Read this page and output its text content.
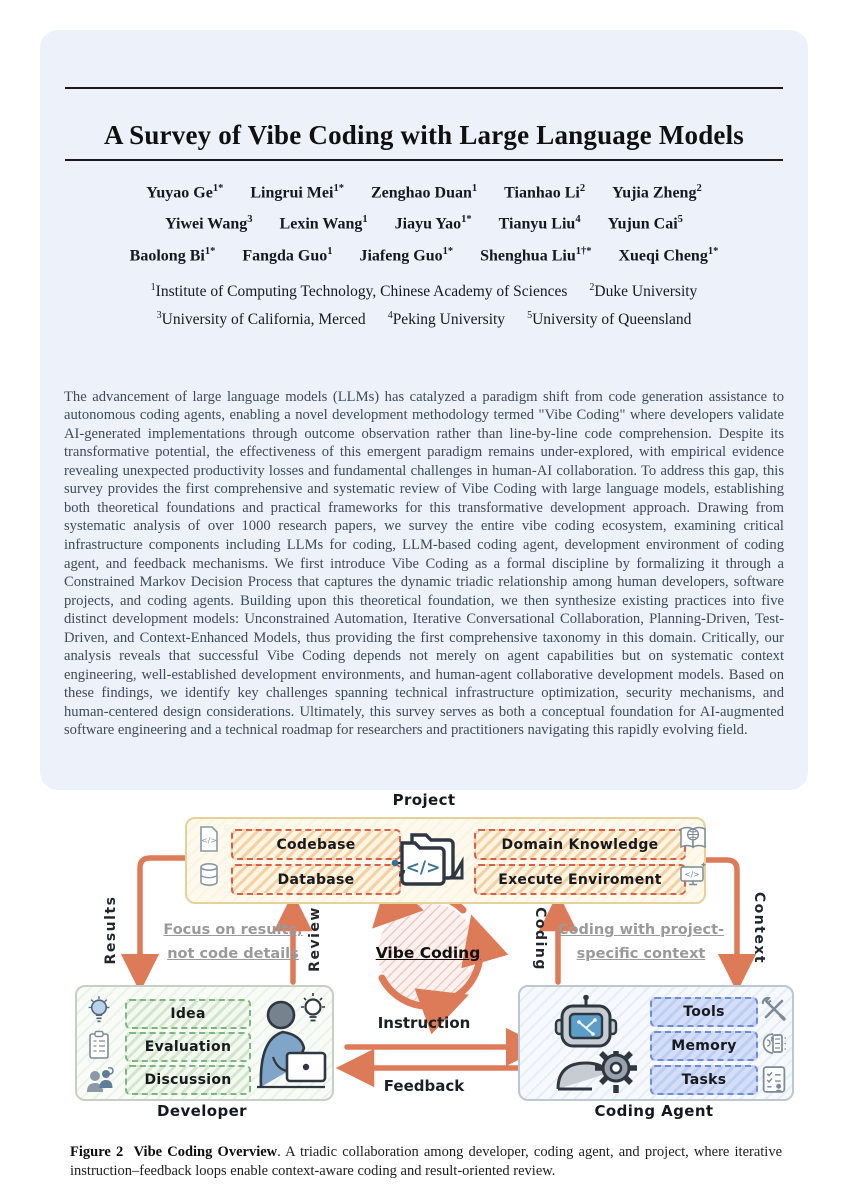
A Survey of Vibe Coding with Large Language Models
Yuyao $Ge^{1*}$ Lingrui Mei$^{1*}$ Zenghao Duan$^1$ Tianhao Li$^2$ Yujia Zheng$^2$
Yiwei Wang$^3$ Lexin Wang$^1$ Jiayu Yao$^{1*}$ Tianyu Liu$^4$ Yujun Cai$^5$
Baolong $Bi^{1*}$ Fangda Guo$^1$ Jiafeng Guo$^{1*}$ Shenghua Liu$^{1\dagger*}$ Xueqi Cheng$^{1*}$
$^1$Institute of Computing Technology, Chinese Academy of Sciences $^2$Duke University
$^3$University of California, Merced $^4$Peking University $^5$University of Queensland

The advancement of large language models (LLMs) has catalyzed a paradigm shift from code generation assistance to autonomous coding agents, enabling a novel development methodology termed "Vibe Coding" where developers validate AI-generated implementations through outcome observation rather than line-by-line code comprehension. Despite its transformative potential, the effectiveness of this emergent paradigm remains under-explored, with empirical evidence revealing unexpected productivity losses and fundamental challenges in human-AI collaboration. To address this gap, this survey provides the first comprehensive and systematic review of Vibe Coding with large language models, establishing both theoretical foundations and practical frameworks for this transformative development approach. Drawing from systematic analysis of over 1000 research papers, we survey the entire vibe coding ecosystem, examining critical infrastructure components including LLMs for coding, LLM-based coding agent, development environment of coding agent, and feedback mechanisms. We first introduce Vibe Coding as a formal discipline by formalizing it through a Constrained Markov Decision Process that captures the dynamic triadic relationship among human developers, software projects, and coding agents. Building upon this theoretical foundation, we then synthesize existing practices into five distinct development models: Unconstrained Automation, Iterative Conversational Collaboration, Planning-Driven, Test-Driven, and Context-Enhanced Models, thus providing the first comprehensive taxonomy in this domain. Critically, our analysis reveals that successful Vibe Coding depends not merely on agent capabilities but on systematic context engineering, well-established development environments, and human-agent collaborative development models. Based on these findings, we identify key challenges spanning technical infrastructure optimization, security mechanisms, and human-centered design considerations. Ultimately, this survey serves as both a conceptual foundation for AI-augmented software engineering and a technical roadmap for researchers and practitioners navigating this rapidly evolving field.

Project
</>	Codebase
Database
</>
Domain Knowledge
Execute Enviroment	</>
Results	Review	Coding	Context
Focus on results,
not code details
Coding with project-
specific context
Vibe Coding
Instruction
Feedback
Idea
Evaluation
Discussion
Developer
Tools
Memory
Tasks
Coding Agent

Figure 2 Vibe Coding Overview. A triadic collaboration among developer, coding agent, and project, where iterative instruction–feedback loops enable context-aware coding and result-oriented review.
